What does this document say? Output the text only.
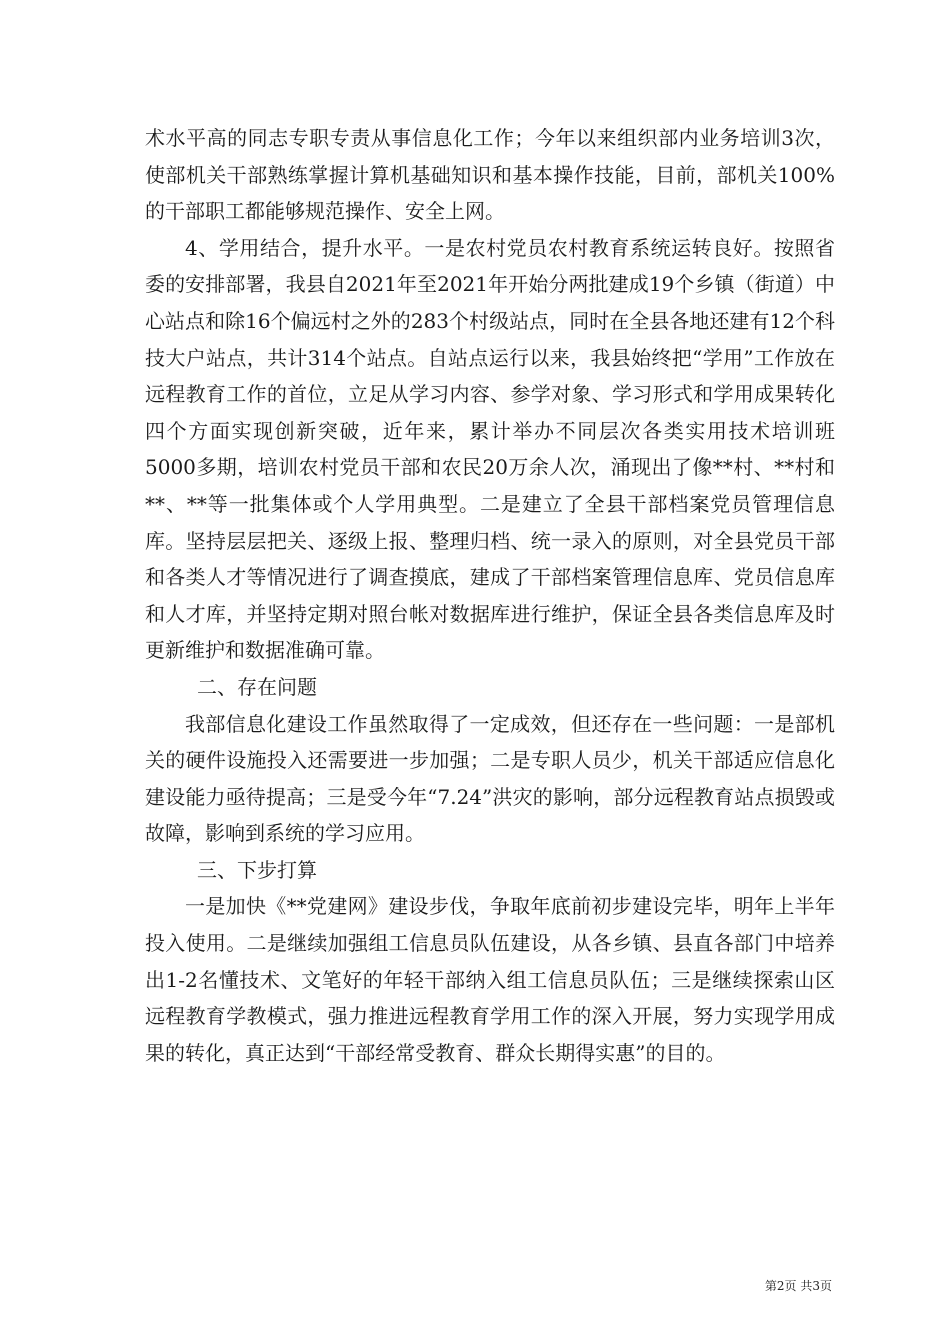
术水平高的同志专职专责从事信息化工作；今年以来组织部内业务培训3次，使部机关干部熟练掌握计算机基础知识和基本操作技能，目前，部机关100%的干部职工都能够规范操作、安全上网。

4、学用结合，提升水平。一是农村党员农村教育系统运转良好。按照省委的安排部署，我县自2021年至2021年开始分两批建成19个乡镇（街道）中心站点和除16个偏远村之外的283个村级站点，同时在全县各地还建有12个科技大户站点，共计314个站点。自站点运行以来，我县始终把“学用”工作放在远程教育工作的首位，立足从学习内容、参学对象、学习形式和学用成果转化四个方面实现创新突破，近年来，累计举办不同层次各类实用技术培训班5000多期，培训农村党员干部和农民20万余人次，涌现出了像**村、**村和**、**等一批集体或个人学用典型。二是建立了全县干部档案党员管理信息库。坚持层层把关、逐级上报、整理归档、统一录入的原则，对全县党员干部和各类人才等情况进行了调查摸底，建成了干部档案管理信息库、党员信息库和人才库，并坚持定期对照台帐对数据库进行维护，保证全县各类信息库及时更新维护和数据准确可靠。

二、存在问题

我部信息化建设工作虽然取得了一定成效，但还存在一些问题：一是部机关的硬件设施投入还需要进一步加强；二是专职人员少，机关干部适应信息化建设能力亟待提高；三是受今年“7.24”洪灾的影响，部分远程教育站点损毁或故障，影响到系统的学习应用。

三、下步打算

一是加快《**党建网》建设步伐，争取年底前初步建设完毕，明年上半年投入使用。二是继续加强组工信息员队伍建设，从各乡镇、县直各部门中培养出1-2名懂技术、文笔好的年轻干部纳入组工信息员队伍；三是继续探索山区远程教育学教模式，强力推进远程教育学用工作的深入开展，努力实现学用成果的转化，真正达到“干部经常受教育、群众长期得实惠”的目的。

第2页 共3页
